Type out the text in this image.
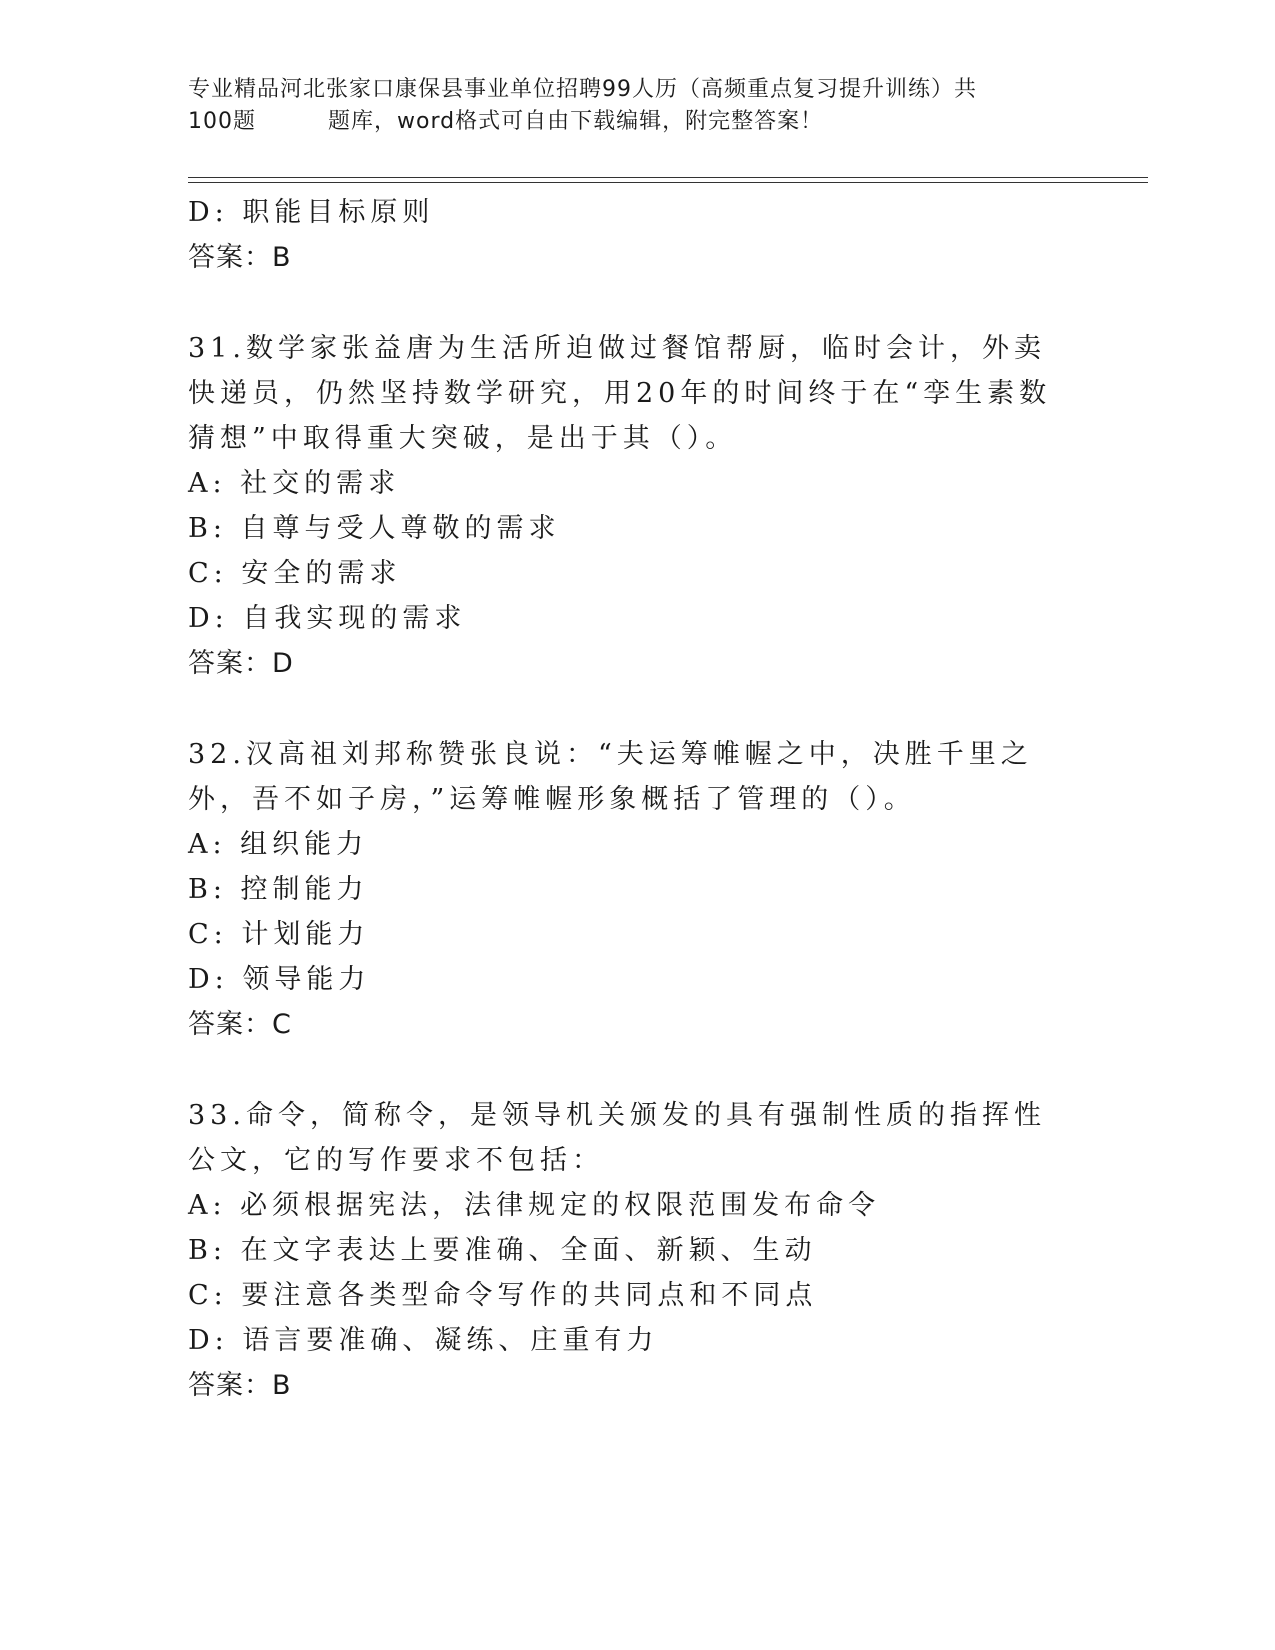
专业精品河北张家口康保县事业单位招聘99人历（高频重点复习提升训练）共
100题	题库，word格式可自由下载编辑，附完整答案！
D: 职能目标原则
答案：B
31.数学家张益唐为生活所迫做过餐馆帮厨，临时会计，外卖快递员，仍然坚持数学研究，用20年的时间终于在“孪生素数猜想”中取得重大突破，是出于其（）。
A: 社交的需求
B: 自尊与受人尊敬的需求
C: 安全的需求
D: 自我实现的需求
答案：D
32.汉高祖刘邦称赞张良说：“夫运筹帷幄之中，决胜千里之外，吾不如子房，”运筹帷幄形象概括了管理的（）。
A: 组织能力
B: 控制能力
C: 计划能力
D: 领导能力
答案：C
33.命令，简称令，是领导机关颁发的具有强制性质的指挥性公文，它的写作要求不包括：
A: 必须根据宪法，法律规定的权限范围发布命令
B: 在文字表达上要准确、全面、新颖、生动
C: 要注意各类型命令写作的共同点和不同点
D: 语言要准确、凝练、庄重有力
答案：B
